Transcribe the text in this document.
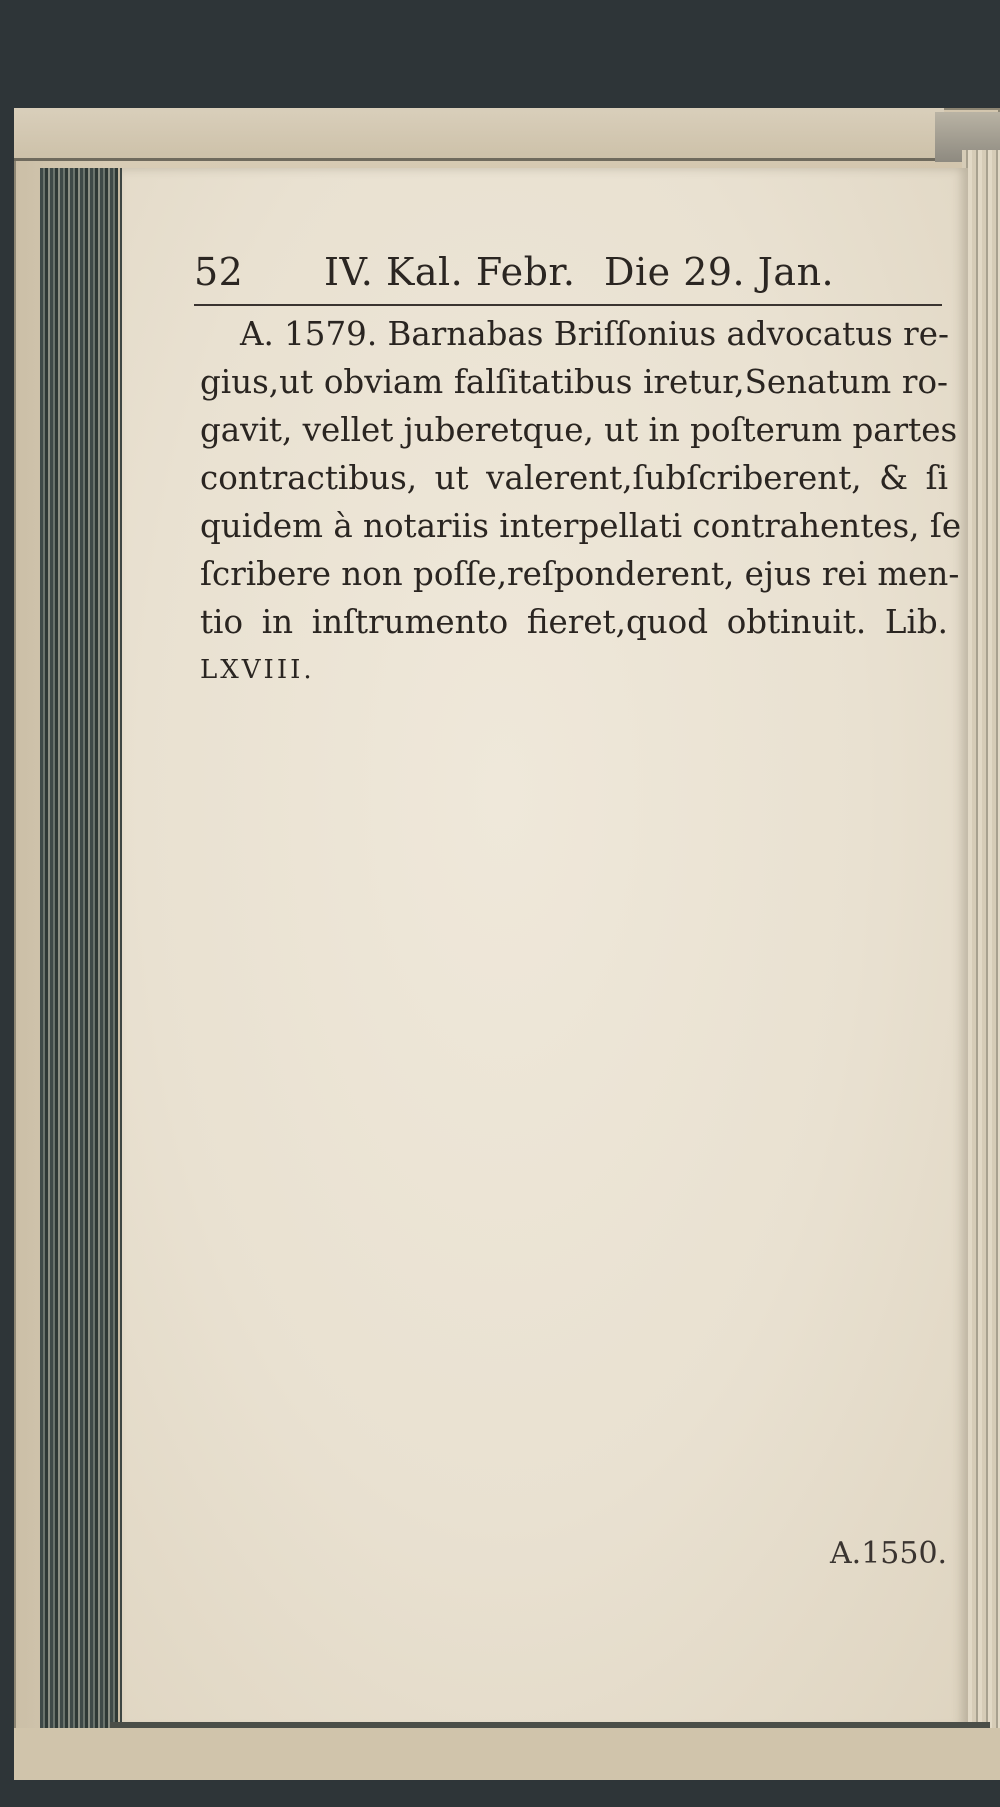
52 IV. Kal. Febr. Die 29. Jan.
A. 1579. Barnabas Briſſonius advocatus re-
gius,ut obviam falſitatibus iretur,Senatum ro-
gavit, vellet juberetque, ut in poſterum partes
contractibus, ut valerent,ſubſcriberent, & ſi
quidem à notariis interpellati contrahentes, ſe
ſcribere non poſſe,reſponderent, ejus rei men-
tio in inſtrumento fieret,quod obtinuit. Lib.
LXVIII.
A.1550.
